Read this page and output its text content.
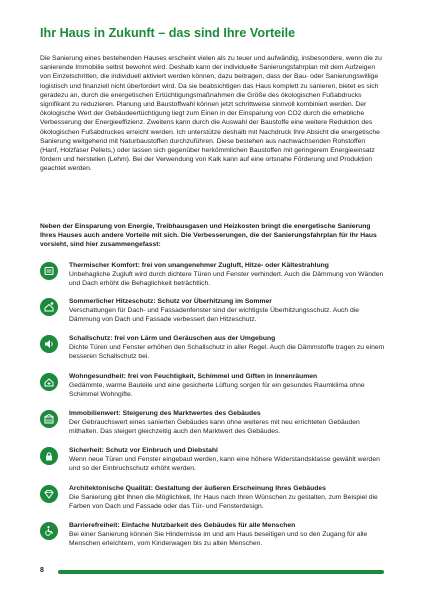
Ihr Haus in Zukunft – das sind Ihre Vorteile

Die Sanierung eines bestehenden Hauses erscheint vielen als zu teuer und aufwändig, insbesondere, wenn die zu sanierende Immobilie selbst bewohnt wird. Deshalb kann der individuelle Sanierungsfahrplan mit dem Aufzeigen von Einzelschritten, die individuell aktiviert werden können, dazu beitragen, dass der Bau- oder Sanierungswillige logistisch und finanziell nicht überfordert wird. Da sie beabsichtigen das Haus komplett zu sanieren, bietet es sich geradezu an, durch die energetischen Ertüchtigungsmaßnahmen die Größe des ökologischen Fußabdrucks signifikant zu reduzieren. Planung und Baustoffwahl können jetzt schrittweise sinnvoll kombiniert werden. Der ökologische Wert der Gebäudeertüchtigung liegt zum Einen in der Einsparung von CO2 durch die erhebliche Verbesserung der Energieeffizienz. Zweitens kann durch die Auswahl der Baustoffe eine weitere Reduktion des ökologischen Fußabdruckes erreicht werden. Ich unterstütze deshalb mit Nachdruck Ihre Absicht die energetische Sanierung weitgehend mit Naturbaustoffen durchzuführen. Diese bestehen aus nachwachsenden Rohstoffen (Hanf, Holzfaser Pellets,) oder lassen sich gegenüber herkömmlichen Baustoffen mit geringerem Energieeinsatz fördern und herstellen (Lehm). Bei der Verwendung von Kalk kann auf eine ortsnahe Förderung und Produktion geachtet werden.

Neben der Einsparung von Energie, Treibhausgasen und Heizkosten bringt die energetische Sanierung Ihres Hauses auch andere Vorteile mit sich. Die Verbesserungen, die der Sanierungsfahrplan für Ihr Haus vorsieht, sind hier zusammengefasst:

Thermischer Komfort: frei von unangenehmer Zugluft, Hitze- oder Kältestrahlung
Unbehagliche Zugluft wird durch dichtere Türen und Fenster verhindert. Auch die Dämmung von Wänden und Dach erhöht die Behaglichkeit beträchtlich.
Sommerlicher Hitzeschutz: Schutz vor Überhitzung im Sommer
Verschattungen für Dach- und Fassadenfenster sind der wichtigste Überhitzungsschutz. Auch die Dämmung von Dach und Fassade verbessert den Hitzeschutz.
Schallschutz: frei von Lärm und Geräuschen aus der Umgebung
Dichte Türen und Fenster erhöhen den Schallschutz in aller Regel. Auch die Dämmstoffe tragen zu einem besseren Schallschutz bei.
Wohngesundheit: frei von Feuchtigkeit, Schimmel und Giften in Innenräumen
Gedämmte, warme Bauteile und eine gesicherte Lüftung sorgen für ein gesundes Raumklima ohne Schimmel Wohngifte.
Immobilienwert: Steigerung des Marktwertes des Gebäudes
Der Gebrauchswert eines sanierten Gebäudes kann ohne weiteres mit neu errichteten Gebäuden mithalten. Das steigert gleichzeitig auch den Marktwert des Gebäudes.
Sicherheit: Schutz vor Einbruch und Diebstahl
Wenn neue Türen und Fenster eingebaut werden, kann eine höhere Widerstandsklasse gewählt werden und so der Einbruchschutz erhöht werden.
Architektonische Qualität: Gestaltung der äußeren Erscheinung Ihres Gebäudes
Die Sanierung gibt Ihnen die Möglichkeit, Ihr Haus nach Ihren Wünschen zu gestalten, zum Beispiel die Farben von Dach und Fassade oder das Tür- und Fensterdesign.
Barrierefreiheit: Einfache Nutzbarkeit des Gebäudes für alle Menschen
Bei einer Sanierung können Sie Hindernisse im und am Haus beseitigen und so den Zugang für alle Menschen erleichtern, vom Kinderwagen bis zu alten Menschen.
8
